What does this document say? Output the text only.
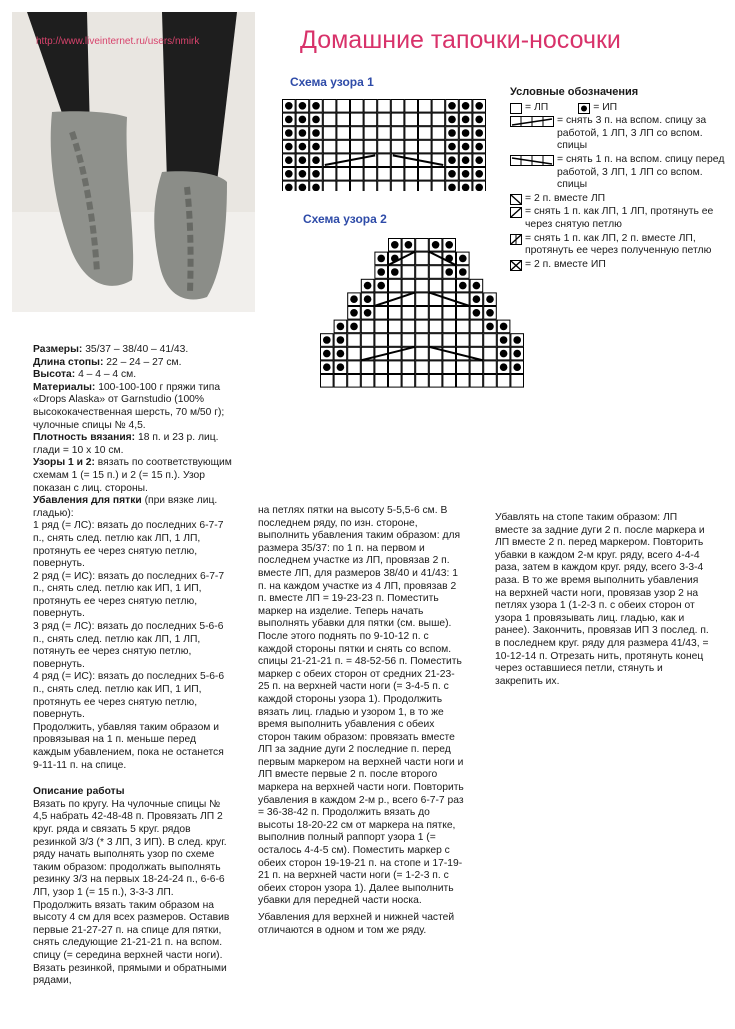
http://www.liveinternet.ru/users/nmirk	Домашние тапочки-носочки
Схема узора 1
Схема узора 2
Условные обозначения
= ЛП	= ИП
= снять 3 п. на вспом. спицу за работой, 1 ЛП, 3 ЛП со вспом. спицы
= снять 1 п. на вспом. спицу перед работой, 3 ЛП, 1 ЛП со вспом. спицы
= 2 п. вместе ЛП
= снять 1 п. как ЛП, 1 ЛП, протянуть ее через снятую петлю
= снять 1 п. как ЛП, 2 п. вместе ЛП, протянуть ее через полученную петлю
= 2 п. вместе ИП

Размеры: 35/37 – 38/40 – 41/43.

Длина стопы: 22 – 24 – 27 см.

Высота: 4 – 4 – 4 см.

Материалы: 100-100-100 г пряжи типа «Drops Alaska» от Garnstudio (100% высококачественная шерсть, 70 м/50 г); чулочные спицы № 4,5.

Плотность вязания: 18 п. и 23 р. лиц. глади = 10 х 10 см.

Узоры 1 и 2: вязать по соответствующим схемам 1 (= 15 п.) и 2 (= 15 п.). Узор показан с лиц. стороны.

Убавления для пятки (при вязке лиц. гладью):

1 ряд (= ЛС): вязать до последних 6-7-7 п., снять след. петлю как ЛП, 1 ЛП, протянуть ее через снятую петлю, повернуть.

2 ряд (= ИС): вязать до последних 6-7-7 п., снять след. петлю как ИП, 1 ИП, протянуть ее через снятую петлю, повернуть.

3 ряд (= ЛС): вязать до последних 5-6-6 п., снять след. петлю как ЛП, 1 ЛП, потянуть ее через снятую петлю, повернуть.

4 ряд (= ИС): вязать до последних 5-6-6 п., снять след. петлю как ИП, 1 ИП, протянуть ее через снятую петлю, повернуть.

Продолжить, убавляя таким образом и провязывая на 1 п. меньше перед каждым убавлением, пока не останется 9-11-11 п. на спице.

Описание работы

Вязать по кругу. На чулочные спицы № 4,5 набрать 42-48-48 п. Провязать ЛП 2 круг. ряда и связать 5 круг. рядов резинкой 3/3 (* 3 ЛП, 3 ИП). В след. круг. ряду начать выполнять узор по схеме таким образом: продолжать выполнять резинку 3/3 на первых 18-24-24 п., 6-6-6 ЛП, узор 1 (= 15 п.), 3-3-3 ЛП. Продолжить вязать таким образом на высоту 4 см для всех размеров. Оставив первые 21-27-27 п. на спице для пятки, снять следующие 21-21-21 п. на вспом. спицу (= середина верхней части ноги). Вязать резинкой, прямыми и обратными рядами,

на петлях пятки на высоту 5-5,5-6 см. В последнем ряду, по изн. стороне, выполнить убавления таким образом: для размера 35/37: по 1 п. на первом и последнем участке из ЛП, провязав 2 п. вместе ЛП, для размеров 38/40 и 41/43: 1 п. на каждом участке из 4 ЛП, провязав 2 п. вместе ЛП = 19-23-23 п. Поместить маркер на изделие. Теперь начать выполнять убавки для пятки (см. выше). После этого поднять по 9-10-12 п. с каждой стороны пятки и снять со вспом. спицы 21-21-21 п. = 48-52-56 п. Поместить маркер с обеих сторон от средних 21-23-25 п. на верхней части ноги (= 3-4-5 п. с каждой стороны узора 1). Продолжить вязать лиц. гладью и узором 1, в то же время выполнить убавления с обеих сторон таким образом: провязать вместе ЛП за задние дуги 2 последние п. перед первым маркером на верхней части ноги и ЛП вместе первые 2 п. после второго маркера на верхней части ноги. Повторить убавления в каждом 2-м р., всего 6-7-7 раз = 36-38-42 п. Продолжить вязать до высоты 18-20-22 см от маркера на пятке, выполнив полный раппорт узора 1 (= осталось 4-4-5 см). Поместить маркер с обеих сторон 19-19-21 п. на стопе и 17-19-21 п. на верхней части ноги (= 1-2-3 п. с обеих сторон узора 1). Далее выполнить убавки для передней части носка.

Убавления для верхней и нижней частей отличаются в одном и том же ряду.

Убавлять на стопе таким образом: ЛП вместе за задние дуги 2 п. после маркера и ЛП вместе 2 п. перед маркером. Повторить убавки в каждом 2-м круг. ряду, всего 4-4-4 раза, затем в каждом круг. ряду, всего 3-3-4 раза. В то же время выполнить убавления на верхней части ноги, провязав узор 2 на петлях узора 1 (1-2-3 п. с обеих сторон от узора 1 провязывать лиц. гладью, как и ранее). Закончить, провязав ИП 3 послед. п. в последнем круг. ряду для размера 41/43, = 10-12-14 п. Отрезать нить, протянуть конец через оставшиеся петли, стянуть и закрепить их.
